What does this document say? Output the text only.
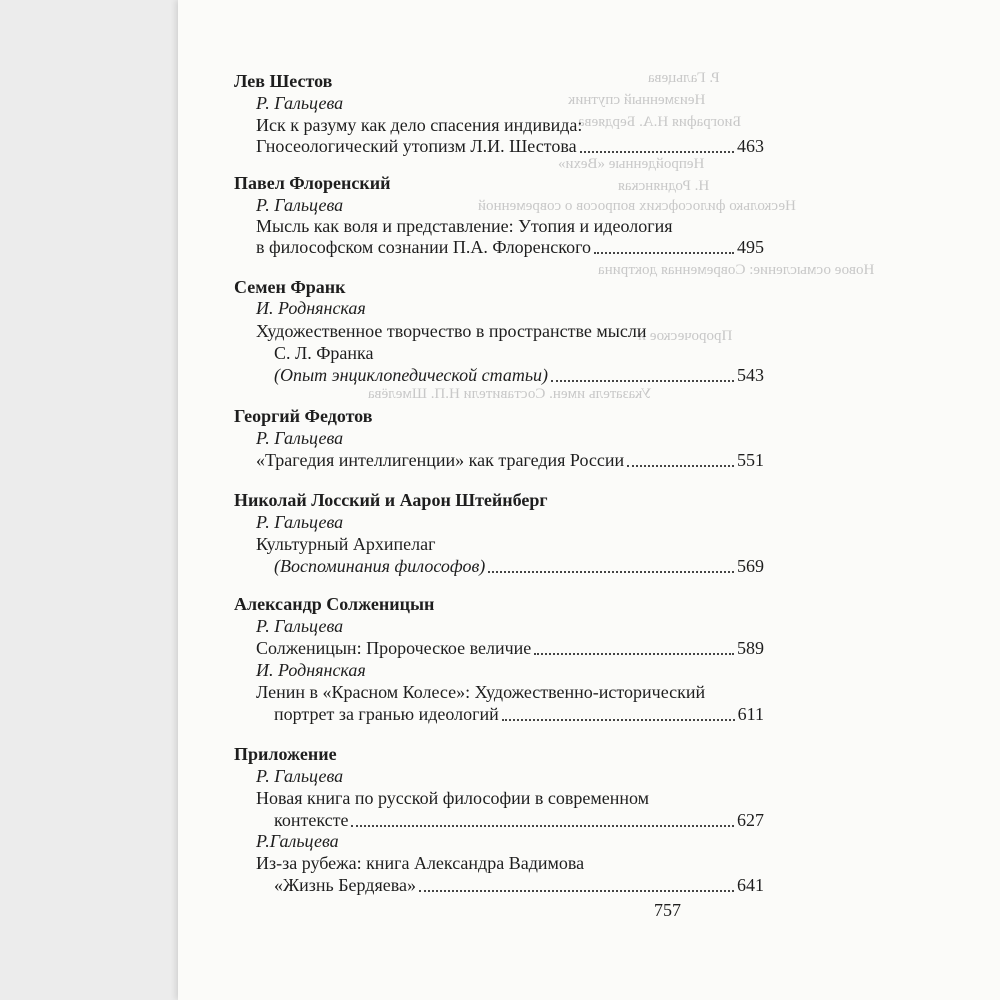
Р. Гальцева
Неизменный спутник
Биография Н.А. Бердяева
Непройденные «Вехи»
Н. Роднянская
Несколько философских вопросов о современной
Новое осмысление: Современная доктрина
Пророческое и
Указатель имен. Составители Н.П. Шмелёва
Лев Шестов
Р. Гальцева
Иск к разуму как дело спасения индивида:
Гносеологический утопизм Л.И. Шестова	463
Павел Флоренский
Р. Гальцева
Мысль как воля и представление: Утопия и идеология
в философском сознании П.А. Флоренского	495
Семен Франк
И. Роднянская
Художественное творчество в пространстве мысли
С. Л. Франка
(Опыт энциклопедической статьи)	543
Георгий Федотов
Р. Гальцева
«Трагедия интеллигенции» как трагедия России	551
Николай Лосский и Аарон Штейнберг
Р. Гальцева
Культурный Архипелаг
(Воспоминания философов)	569
Александр Солженицын
Р. Гальцева
Солженицын: Пророческое величие	589
И. Роднянская
Ленин в «Красном Колесе»: Художественно-исторический
портрет за гранью идеологий	611
Приложение
Р. Гальцева
Новая книга по русской философии в современном
контексте	627
Р.Гальцева
Из-за рубежа: книга Александра Вадимова
«Жизнь Бердяева»	641
757
